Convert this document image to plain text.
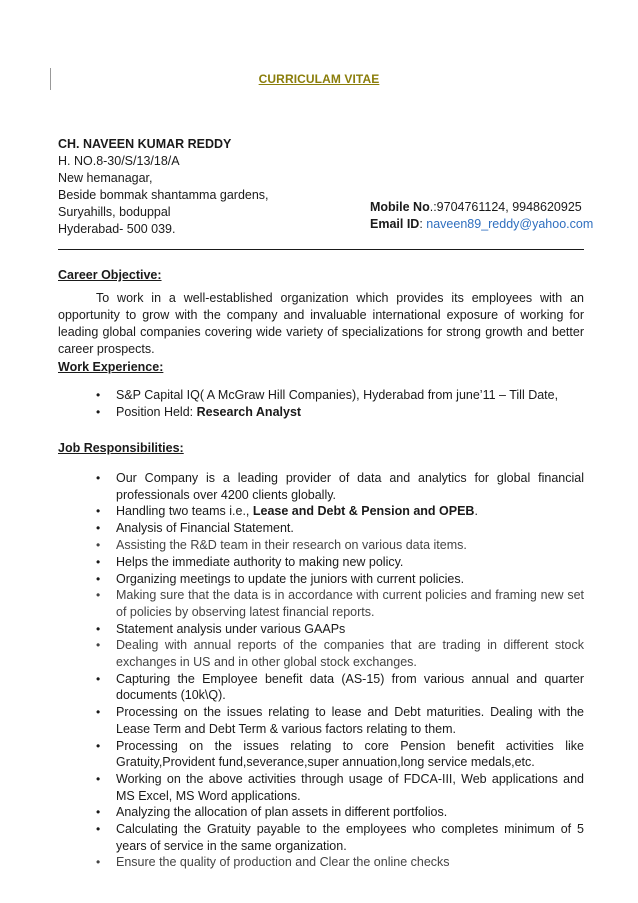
CURRICULAM VITAE
CH. NAVEEN KUMAR REDDY
H. NO.8-30/S/13/18/A
New hemanagar,
Beside bommak shantamma gardens,
Suryahills, boduppal
Hyderabad- 500 039.
Mobile No.:9704761124, 9948620925
Email ID: naveen89_reddy@yahoo.com
Career Objective:
To work in a well-established organization which provides its employees with an opportunity to grow with the company and invaluable international exposure of working for leading global companies covering wide variety of specializations for strong growth and better career prospects.
Work Experience:
• S&P Capital IQ( A McGraw Hill Companies), Hyderabad from june’11 – Till Date,
• Position Held: Research Analyst
Job Responsibilities:
• Our Company is a leading provider of data and analytics for global financial professionals over 4200 clients globally.
• Handling two teams i.e., Lease and Debt & Pension and OPEB.
• Analysis of Financial Statement.
• Assisting the R&D team in their research on various data items.
• Helps the immediate authority to making new policy.
• Organizing meetings to update the juniors with current policies.
• Making sure that the data is in accordance with current policies and framing new set of policies by observing latest financial reports.
• Statement analysis under various GAAPs
• Dealing with annual reports of the companies that are trading in different stock exchanges in US and in other global stock exchanges.
• Capturing the Employee benefit data (AS-15) from various annual and quarter documents (10k\Q).
• Processing on the issues relating to lease and Debt maturities. Dealing with the Lease Term and Debt Term & various factors relating to them.
• Processing on the issues relating to core Pension benefit activities like Gratuity,Provident fund,severance,super annuation,long service medals,etc.
• Working on the above activities through usage of FDCA-III, Web applications and MS Excel, MS Word applications.
• Analyzing the allocation of plan assets in different portfolios.
• Calculating the Gratuity payable to the employees who completes minimum of 5 years of service in the same organization.
• Ensure the quality of production and Clear the online checks
